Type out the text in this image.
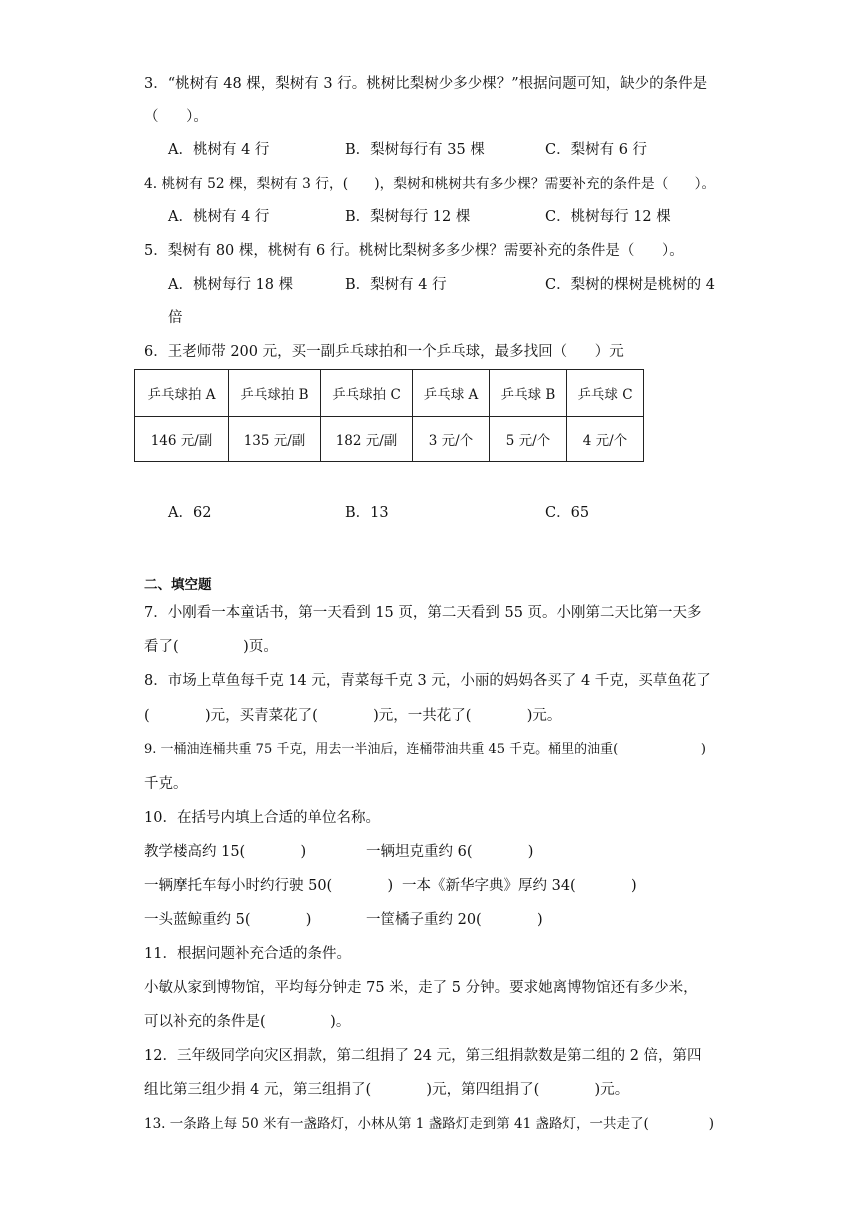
3．“桃树有 48 棵，梨树有 3 行。桃树比梨树少多少棵？”根据问题可知，缺少的条件是
（      ）。
A．桃树有 4 行	B．梨树每行有 35 棵	C．梨树有 6 行
4. 桃树有 52 棵，梨树有 3 行，(      )，梨树和桃树共有多少棵？需要补充的条件是（      ）。
A．桃树有 4 行	B．梨树每行 12 棵	C．桃树每行 12 棵
5．梨树有 80 棵，桃树有 6 行。桃树比梨树多多少棵？需要补充的条件是（      ）。
A．桃树每行 18 棵	B．梨树有 4 行	C．梨树的棵树是桃树的 4
倍
6．王老师带 200 元，买一副乒乓球拍和一个乒乓球，最多找回（      ）元
乒乓球拍 A	乒乓球拍 B	乒乓球拍 C	乒乓球 A	乒乓球 B	乒乓球 C
146 元/副	135 元/副	182 元/副	3 元/个	5 元/个	4 元/个
A．62	B．13	C．65
二、填空题
7．小刚看一本童话书，第一天看到 15 页，第二天看到 55 页。小刚第二天比第一天多
看了(              )页。
8．市场上草鱼每千克 14 元，青菜每千克 3 元，小丽的妈妈各买了 4 千克，买草鱼花了
(            )元，买青菜花了(            )元，一共花了(            )元。
9. 一桶油连桶共重 75 千克，用去一半油后，连桶带油共重 45 千克。桶里的油重(                    )
千克。
10．在括号内填上合适的单位名称。
教学楼高约 15(            )	一辆坦克重约 6(            )
一辆摩托车每小时约行驶 50(            ) 一本《新华字典》厚约 34(            )
一头蓝鲸重约 5(            )	一筐橘子重约 20(            )
11．根据问题补充合适的条件。
小敏从家到博物馆，平均每分钟走 75 米，走了 5 分钟。要求她离博物馆还有多少米，
可以补充的条件是(              )。
12．三年级同学向灾区捐款，第二组捐了 24 元，第三组捐款数是第二组的 2 倍，第四
组比第三组少捐 4 元，第三组捐了(            )元，第四组捐了(            )元。
13. 一条路上每 50 米有一盏路灯，小林从第 1 盏路灯走到第 41 盏路灯，一共走了(              )
